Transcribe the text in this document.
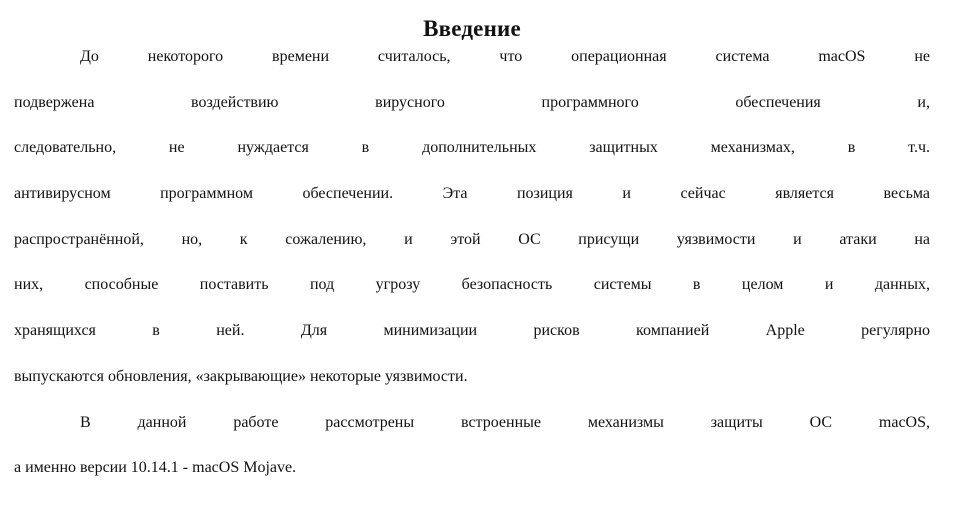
Введение
До некоторого времени считалось, что операционная система macOS не
подвержена воздействию вирусного программного обеспечения и,
следовательно, не нуждается в дополнительных защитных механизмах, в т.ч.
антивирусном программном обеспечении. Эта позиция и сейчас является весьма
распространённой, но, к сожалению, и этой ОС присущи уязвимости и атаки на
них, способные поставить под угрозу безопасность системы в целом и данных,
хранящихся в ней. Для минимизации рисков компанией Apple регулярно
выпускаются обновления, «закрывающие» некоторые уязвимости.
В данной работе рассмотрены встроенные механизмы защиты ОС macOS,
а именно версии 10.14.1 - macOS Mojave.
